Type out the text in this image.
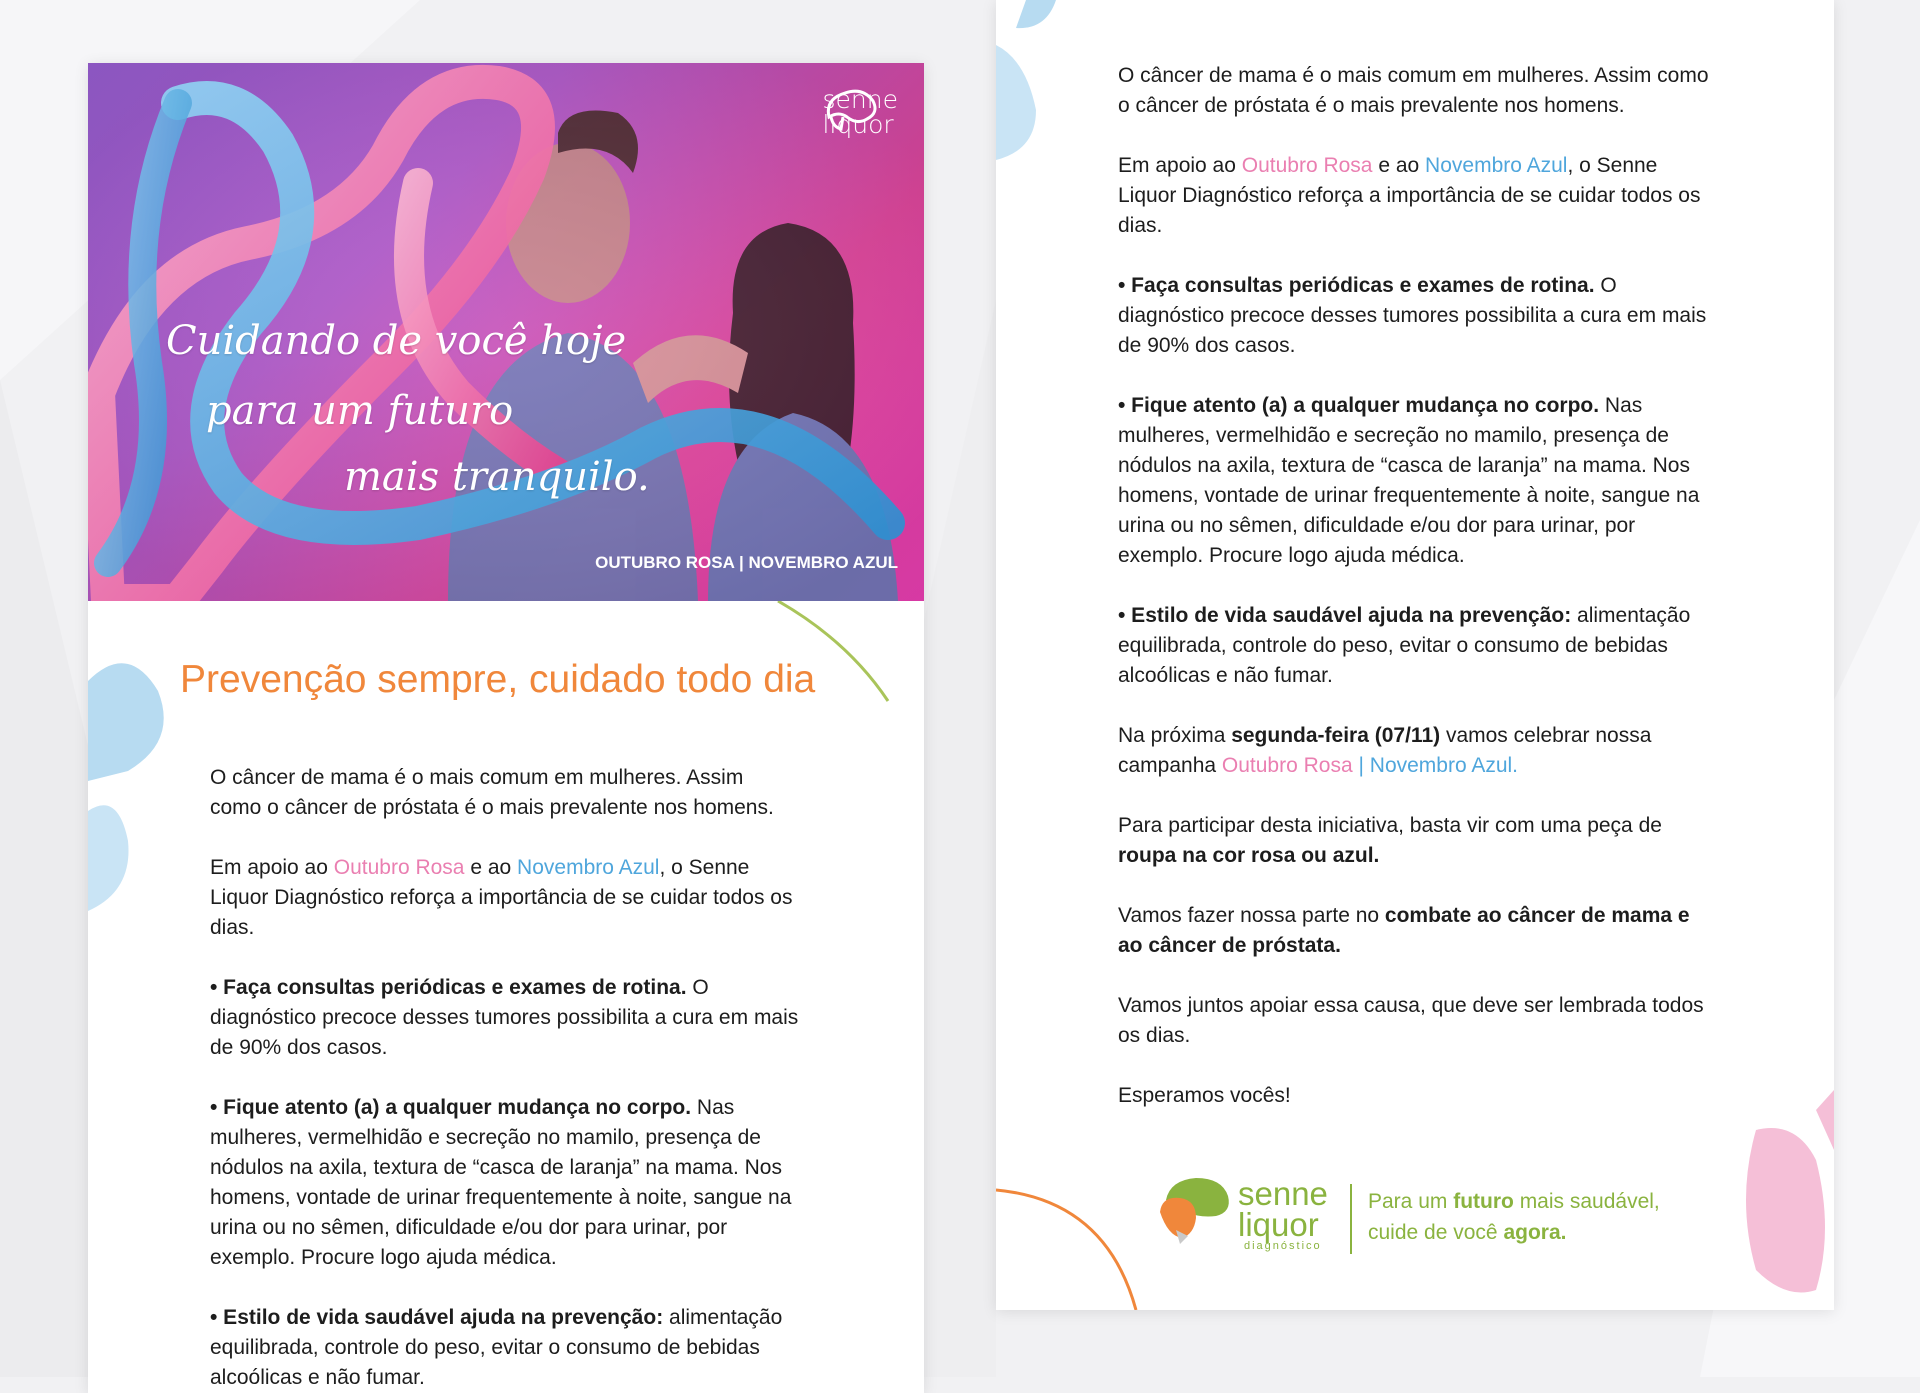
senne
liquor
Cuidando de você hoje
para um futuro
mais tranquilo.
OUTUBRO ROSA | NOVEMBRO AZUL
Prevenção sempre, cuidado todo dia

O câncer de mama é o mais comum em mulheres. Assim como o câncer de próstata é o mais prevalente nos homens.

Em apoio ao Outubro Rosa e ao Novembro Azul, o Senne Liquor Diagnóstico reforça a importância de se cuidar todos os dias.

• Faça consultas periódicas e exames de rotina. O diagnóstico precoce desses tumores possibilita a cura em mais de 90% dos casos.

• Fique atento (a) a qualquer mudança no corpo. Nas mulheres, vermelhidão e secreção no mamilo, presença de nódulos na axila, textura de “casca de laranja” na mama. Nos homens, vontade de urinar frequentemente à noite, sangue na urina ou no sêmen, dificuldade e/ou dor para urinar, por exemplo. Procure logo ajuda médica.

• Estilo de vida saudável ajuda na prevenção: alimentação equilibrada, controle do peso, evitar o consumo de bebidas alcoólicas e não fumar.

O câncer de mama é o mais comum em mulheres. Assim como o câncer de próstata é o mais prevalente nos homens.

Em apoio ao Outubro Rosa e ao Novembro Azul, o Senne Liquor Diagnóstico reforça a importância de se cuidar todos os dias.

• Faça consultas periódicas e exames de rotina. O diagnóstico precoce desses tumores possibilita a cura em mais de 90% dos casos.

• Fique atento (a) a qualquer mudança no corpo. Nas mulheres, vermelhidão e secreção no mamilo, presença de nódulos na axila, textura de “casca de laranja” na mama. Nos homens, vontade de urinar frequentemente à noite, sangue na urina ou no sêmen, dificuldade e/ou dor para urinar, por exemplo. Procure logo ajuda médica.

• Estilo de vida saudável ajuda na prevenção: alimentação equilibrada, controle do peso, evitar o consumo de bebidas alcoólicas e não fumar.

Na próxima segunda-feira (07/11) vamos celebrar nossa campanha Outubro Rosa | Novembro Azul.

Para participar desta iniciativa, basta vir com uma peça de roupa na cor rosa ou azul.

Vamos fazer nossa parte no combate ao câncer de mama e ao câncer de próstata.

Vamos juntos apoiar essa causa, que deve ser lembrada todos os dias.

Esperamos vocês!

senne
liquor
diagnóstico
Para um futuro mais saudável,
cuide de você agora.
